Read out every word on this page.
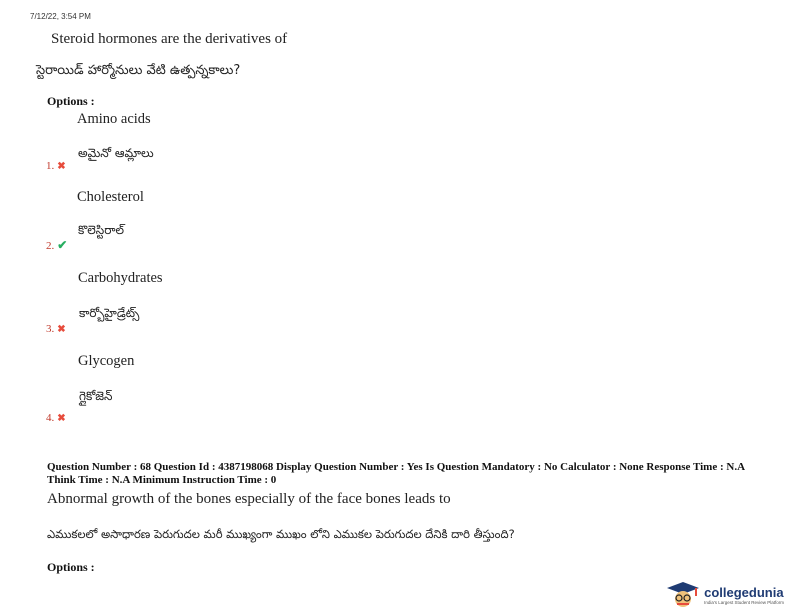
7/12/22, 3:54 PM
Steroid hormones are the derivatives of
స్టెరాయిడ్ హార్మోనులు వేటి ఉత్పన్నకాలు?
Options :
Amino acids
అమైనో ఆమ్లాలు
1. ✖
Cholesterol
కొలెస్టిరాల్
2. ✔
Carbohydrates
కార్బోహైడ్రేట్స్
3. ✖
Glycogen
గ్లైకోజెన్
4. ✖
Question Number : 68 Question Id : 4387198068 Display Question Number : Yes Is Question Mandatory : No Calculator : None Response Time : N.A Think Time : N.A Minimum Instruction Time : 0
Abnormal growth of the bones especially of the face bones leads to
ఎముకలలో అసాధారణ పెరుగుదల మరీ ముఖ్యంగా ముఖం లోని ఎముకల పెరుగుదల దేనికి దారి తీస్తుంది?
Options :
collegedunia
India's Largest Student Review Platform
